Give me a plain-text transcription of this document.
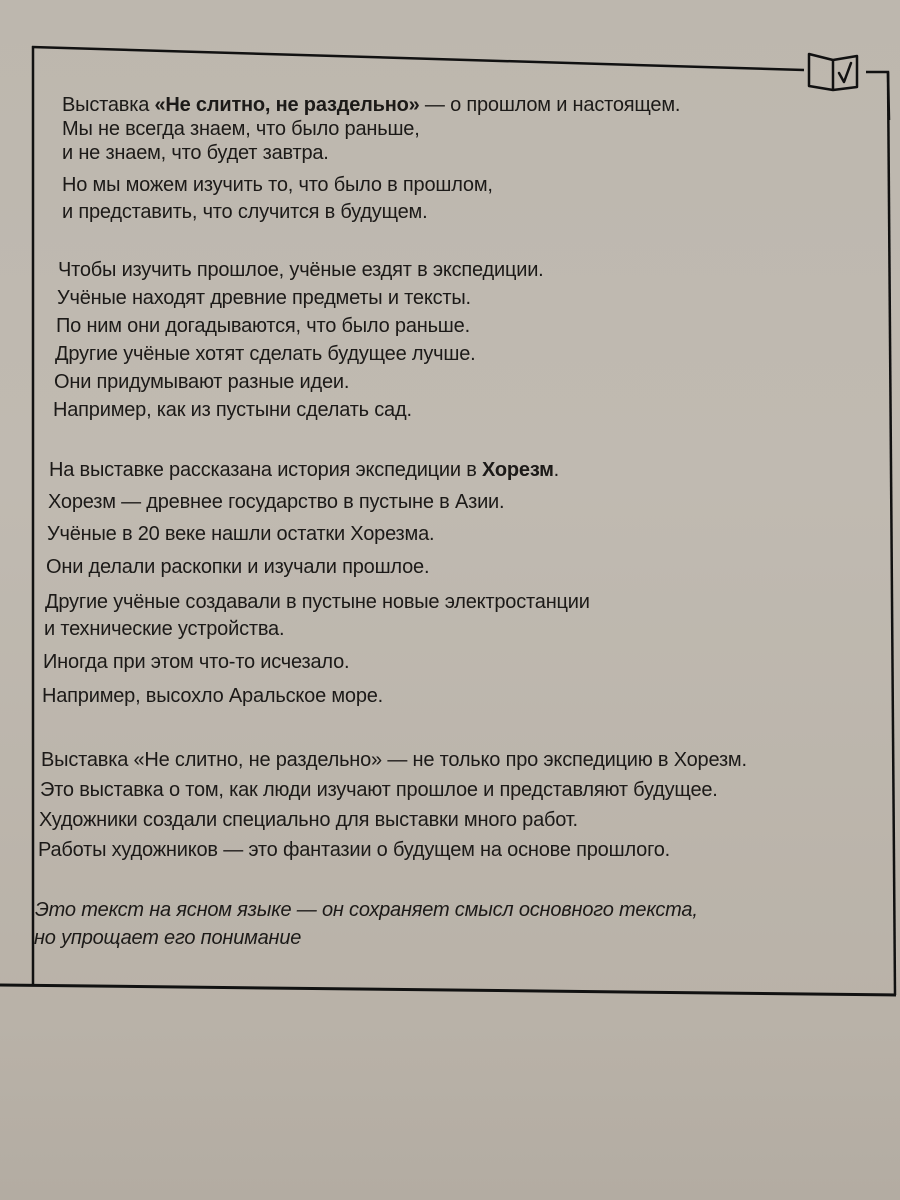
Выставка «Не слитно, не раздельно» — о прошлом и настоящем.
Мы не всегда знаем, что было раньше,
и не знаем, что будет завтра.
Но мы можем изучить то, что было в прошлом,
и представить, что случится в будущем.
Чтобы изучить прошлое, учёные ездят в экспедиции.
Учёные находят древние предметы и тексты.
По ним они догадываются, что было раньше.
Другие учёные хотят сделать будущее лучше.
Они придумывают разные идеи.
Например, как из пустыни сделать сад.
На выставке рассказана история экспедиции в Хорезм.
Хорезм — древнее государство в пустыне в Азии.
Учёные в 20 веке нашли остатки Хорезма.
Они делали раскопки и изучали прошлое.
Другие учёные создавали в пустыне новые электростанции
и технические устройства.
Иногда при этом что-то исчезало.
Например, высохло Аральское море.
Выставка «Не слитно, не раздельно» — не только про экспедицию в Хорезм.
Это выставка о том, как люди изучают прошлое и представляют будущее.
Художники создали специально для выставки много работ.
Работы художников — это фантазии о будущем на основе прошлого.
Это текст на ясном языке — он сохраняет смысл основного текста,
но упрощает его понимание
